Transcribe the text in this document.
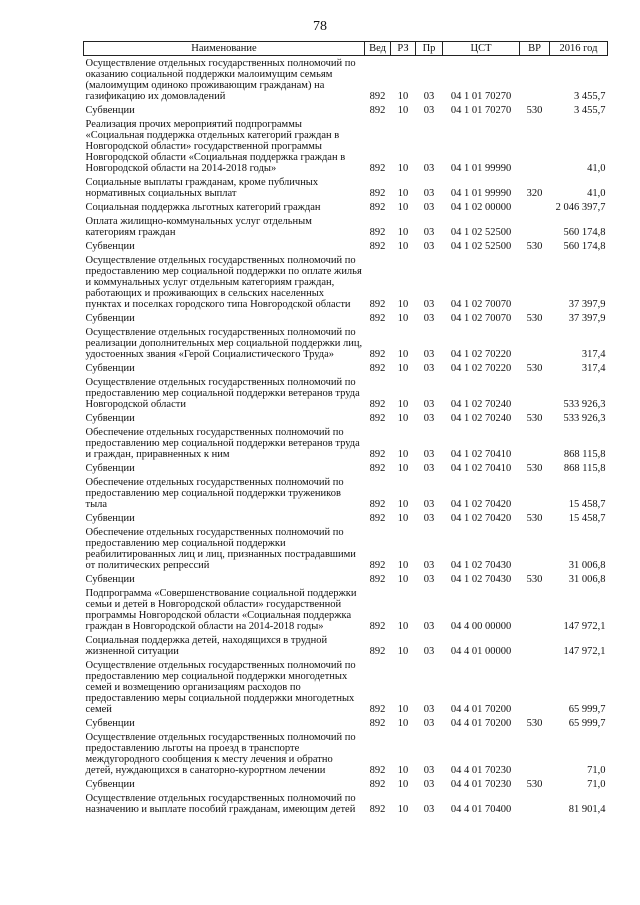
78
Наименование	Вед	РЗ	Пр	ЦСТ	ВР	2016 год
Осуществление отдельных государственных полномочий по оказанию социальной поддержки малоимущим семьям (малоимущим одиноко проживающим гражданам) на газификацию их домовладений	892	10	03	04 1 01 70270		3 455,7
Субвенции	892	10	03	04 1 01 70270	530	3 455,7
Реализация прочих мероприятий подпрограммы «Социальная поддержка отдельных категорий граждан в Новгородской области» государственной программы Новгородской области «Социальная поддержка граждан в Новгородской области на 2014-2018 годы»	892	10	03	04 1 01 99990		41,0
Социальные выплаты гражданам, кроме публичных нормативных социальных выплат	892	10	03	04 1 01 99990	320	41,0
Социальная поддержка льготных категорий граждан	892	10	03	04 1 02 00000		2 046 397,7
Оплата жилищно-коммунальных услуг отдельным категориям граждан	892	10	03	04 1 02 52500		560 174,8
Субвенции	892	10	03	04 1 02 52500	530	560 174,8
Осуществление отдельных государственных полномочий по предоставлению мер социальной поддержки по оплате жилья и коммунальных услуг отдельным категориям граждан, работающих и проживающих в сельских населенных пунктах и поселках городского типа Новгородской области	892	10	03	04 1 02 70070		37 397,9
Субвенции	892	10	03	04 1 02 70070	530	37 397,9
Осуществление отдельных государственных полномочий по реализации дополнительных мер социальной поддержки лиц, удостоенных звания «Герой Социалистического Труда»	892	10	03	04 1 02 70220		317,4
Субвенции	892	10	03	04 1 02 70220	530	317,4
Осуществление отдельных государственных полномочий по предоставлению мер социальной поддержки ветеранов труда Новгородской области	892	10	03	04 1 02 70240		533 926,3
Субвенции	892	10	03	04 1 02 70240	530	533 926,3
Обеспечение отдельных государственных полномочий по предоставлению мер социальной поддержки ветеранов труда и граждан, приравненных к ним	892	10	03	04 1 02 70410		868 115,8
Субвенции	892	10	03	04 1 02 70410	530	868 115,8
Обеспечение отдельных государственных полномочий по предоставлению мер социальной поддержки тружеников тыла	892	10	03	04 1 02 70420		15 458,7
Субвенции	892	10	03	04 1 02 70420	530	15 458,7
Обеспечение отдельных государственных полномочий по предоставлению мер социальной поддержки реабилитированных лиц и лиц, признанных пострадавшими от политических репрессий	892	10	03	04 1 02 70430		31 006,8
Субвенции	892	10	03	04 1 02 70430	530	31 006,8
Подпрограмма «Совершенствование социальной поддержки семьи и детей в Новгородской области» государственной программы Новгородской области «Социальная поддержка граждан в Новгородской области на 2014-2018 годы»	892	10	03	04 4 00 00000		147 972,1
Социальная поддержка детей, находящихся в трудной жизненной ситуации	892	10	03	04 4 01 00000		147 972,1
Осуществление отдельных государственных полномочий по предоставлению мер социальной поддержки многодетных семей и возмещению организациям расходов по предоставлению меры социальной поддержки многодетных семей	892	10	03	04 4 01 70200		65 999,7
Субвенции	892	10	03	04 4 01 70200	530	65 999,7
Осуществление отдельных государственных полномочий по предоставлению льготы на проезд в транспорте междугородного сообщения к месту лечения и обратно детей, нуждающихся в санаторно-курортном лечении	892	10	03	04 4 01 70230		71,0
Субвенции	892	10	03	04 4 01 70230	530	71,0
Осуществление отдельных государственных полномочий по назначению и выплате пособий гражданам, имеющим детей	892	10	03	04 4 01 70400		81 901,4
